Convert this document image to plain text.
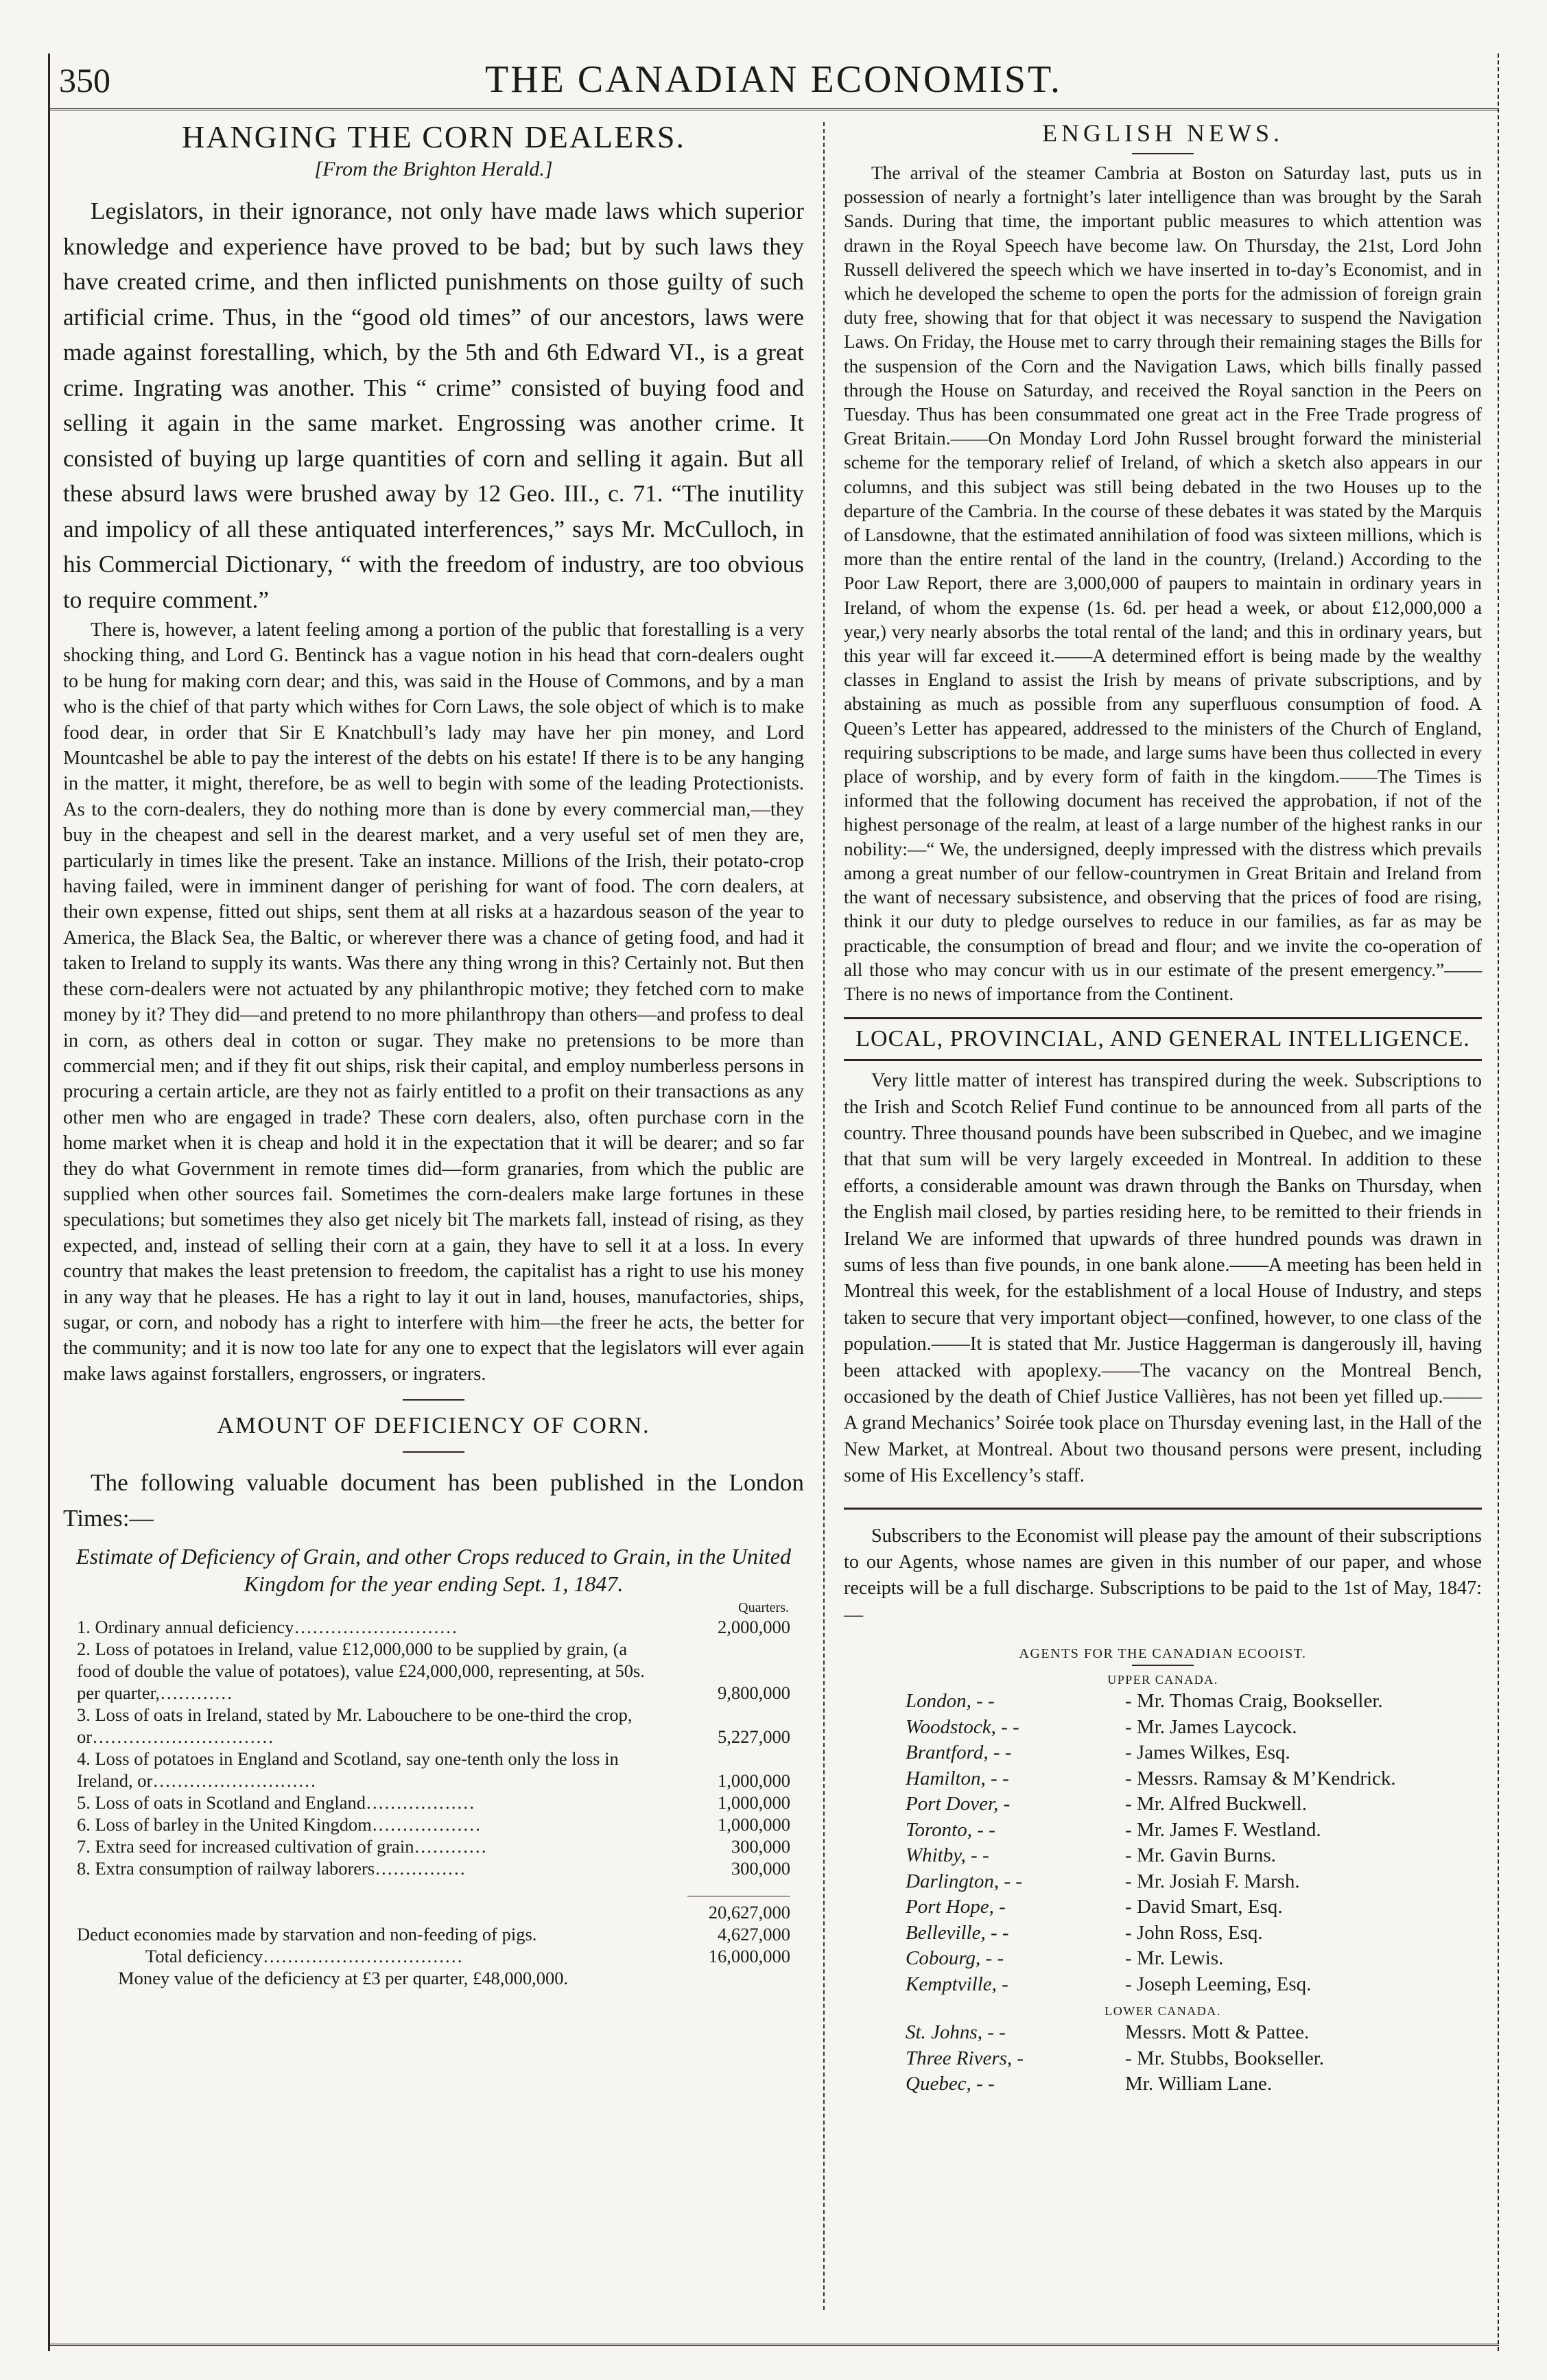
350	THE CANADIAN ECONOMIST.
HANGING THE CORN DEALERS.
[From the Brighton Herald.]

Legislators, in their ignorance, not only have made laws which superior knowledge and experience have proved to be bad; but by such laws they have created crime, and then inflicted punishments on those guilty of such artificial crime. Thus, in the “good old times” of our ancestors, laws were made against forestalling, which, by the 5th and 6th Edward VI., is a great crime. Ingrating was another. This “ crime” consisted of buying food and selling it again in the same market. Engrossing was another crime. It consisted of buying up large quantities of corn and selling it again. But all these absurd laws were brushed away by 12 Geo. III., c. 71. “The inutility and impolicy of all these antiquated interferences,” says Mr. McCulloch, in his Commercial Dictionary, “ with the freedom of industry, are too obvious to require comment.”

There is, however, a latent feeling among a portion of the public that forestalling is a very shocking thing, and Lord G. Bentinck has a vague notion in his head that corn-dealers ought to be hung for making corn dear; and this, was said in the House of Commons, and by a man who is the chief of that party which withes for Corn Laws, the sole object of which is to make food dear, in order that Sir E Knatchbull’s lady may have her pin money, and Lord Mountcashel be able to pay the interest of the debts on his estate! If there is to be any hanging in the matter, it might, therefore, be as well to begin with some of the leading Protectionists. As to the corn-dealers, they do nothing more than is done by every commercial man,—they buy in the cheapest and sell in the dearest market, and a very useful set of men they are, particularly in times like the present. Take an instance. Millions of the Irish, their potato-crop having failed, were in imminent danger of perishing for want of food. The corn dealers, at their own expense, fitted out ships, sent them at all risks at a hazardous season of the year to America, the Black Sea, the Baltic, or wherever there was a chance of geting food, and had it taken to Ireland to supply its wants. Was there any thing wrong in this? Certainly not. But then these corn-dealers were not actuated by any philanthropic motive; they fetched corn to make money by it? They did—and pretend to no more philanthropy than others—and profess to deal in corn, as others deal in cotton or sugar. They make no pretensions to be more than commercial men; and if they fit out ships, risk their capital, and employ numberless persons in procuring a certain article, are they not as fairly entitled to a profit on their transactions as any other men who are engaged in trade? These corn dealers, also, often purchase corn in the home market when it is cheap and hold it in the expectation that it will be dearer; and so far they do what Government in remote times did—form granaries, from which the public are supplied when other sources fail. Sometimes the corn-dealers make large fortunes in these speculations; but sometimes they also get nicely bit The markets fall, instead of rising, as they expected, and, instead of selling their corn at a gain, they have to sell it at a loss. In every country that makes the least pretension to freedom, the capitalist has a right to use his money in any way that he pleases. He has a right to lay it out in land, houses, manufactories, ships, sugar, or corn, and nobody has a right to interfere with him—the freer he acts, the better for the community; and it is now too late for any one to expect that the legislators will ever again make laws against forstallers, engrossers, or ingraters.

AMOUNT OF DEFICIENCY OF CORN.

The following valuable document has been published in the London Times:—

Estimate of Deficiency of Grain, and other Crops reduced to Grain, in the United Kingdom for the year ending Sept. 1, 1847.
Quarters.
1. Ordinary annual deficiency………………………	2,000,000
2. Loss of potatoes in Ireland, value £12,000,000 to be supplied by grain, (a food of double the value of potatoes), value £24,000,000, representing, at 50s. per quarter,…………	9,800,000
3. Loss of oats in Ireland, stated by Mr. Labouchere to be one-third the crop, or…………………………	5,227,000
4. Loss of potatoes in England and Scotland, say one-tenth only the loss in Ireland, or………………………	1,000,000
5. Loss of oats in Scotland and England………………	1,000,000
6. Loss of barley in the United Kingdom………………	1,000,000
7. Extra seed for increased cultivation of grain…………	300,000
8. Extra consumption of railway laborers……………	300,000

20,627,000
Deduct economies made by starvation and non-feeding of pigs.	4,627,000
Total deficiency……………………………	16,000,000
Money value of the deficiency at £3 per quarter, £48,000,000.	
ENGLISH NEWS.

The arrival of the steamer Cambria at Boston on Saturday last, puts us in possession of nearly a fortnight’s later intelligence than was brought by the Sarah Sands. During that time, the important public measures to which attention was drawn in the Royal Speech have become law. On Thursday, the 21st, Lord John Russell delivered the speech which we have inserted in to-day’s Economist, and in which he developed the scheme to open the ports for the admission of foreign grain duty free, showing that for that object it was necessary to suspend the Navigation Laws. On Friday, the House met to carry through their remaining stages the Bills for the suspension of the Corn and the Navigation Laws, which bills finally passed through the House on Saturday, and received the Royal sanction in the Peers on Tuesday. Thus has been consummated one great act in the Free Trade progress of Great Britain.——On Monday Lord John Russel brought forward the ministerial scheme for the temporary relief of Ireland, of which a sketch also appears in our columns, and this subject was still being debated in the two Houses up to the departure of the Cambria. In the course of these debates it was stated by the Marquis of Lansdowne, that the estimated annihilation of food was sixteen millions, which is more than the entire rental of the land in the country, (Ireland.) According to the Poor Law Report, there are 3,000,000 of paupers to maintain in ordinary years in Ireland, of whom the expense (1s. 6d. per head a week, or about £12,000,000 a year,) very nearly absorbs the total rental of the land; and this in ordinary years, but this year will far exceed it.——A determined effort is being made by the wealthy classes in England to assist the Irish by means of private subscriptions, and by abstaining as much as possible from any superfluous consumption of food. A Queen’s Letter has appeared, addressed to the ministers of the Church of England, requiring subscriptions to be made, and large sums have been thus collected in every place of worship, and by every form of faith in the kingdom.——The Times is informed that the following document has received the approbation, if not of the highest personage of the realm, at least of a large number of the highest ranks in our nobility:—“ We, the undersigned, deeply impressed with the distress which prevails among a great number of our fellow-countrymen in Great Britain and Ireland from the want of necessary subsistence, and observing that the prices of food are rising, think it our duty to pledge ourselves to reduce in our families, as far as may be practicable, the consumption of bread and flour; and we invite the co-operation of all those who may concur with us in our estimate of the present emergency.”——There is no news of importance from the Continent.

LOCAL, PROVINCIAL, AND GENERAL INTELLIGENCE.

Very little matter of interest has transpired during the week. Subscriptions to the Irish and Scotch Relief Fund continue to be announced from all parts of the country. Three thousand pounds have been subscribed in Quebec, and we imagine that that sum will be very largely exceeded in Montreal. In addition to these efforts, a considerable amount was drawn through the Banks on Thursday, when the English mail closed, by parties residing here, to be remitted to their friends in Ireland We are informed that upwards of three hundred pounds was drawn in sums of less than five pounds, in one bank alone.——A meeting has been held in Montreal this week, for the establishment of a local House of Industry, and steps taken to secure that very important object—confined, however, to one class of the population.——It is stated that Mr. Justice Haggerman is dangerously ill, having been attacked with apoplexy.——The vacancy on the Montreal Bench, occasioned by the death of Chief Justice Vallières, has not been yet filled up.——A grand Mechanics’ Soirée took place on Thursday evening last, in the Hall of the New Market, at Montreal. About two thousand persons were present, including some of His Excellency’s staff.

Subscribers to the Economist will please pay the amount of their subscriptions to our Agents, whose names are given in this number of our paper, and whose receipts will be a full discharge. Subscriptions to be paid to the 1st of May, 1847:—

AGENTS FOR THE CANADIAN ECOOIST.
UPPER CANADA.
London, - -	- Mr. Thomas Craig, Bookseller.
Woodstock, - -	- Mr. James Laycock.
Brantford, - -	- James Wilkes, Esq.
Hamilton, - -	- Messrs. Ramsay & M’Kendrick.
Port Dover, -	- Mr. Alfred Buckwell.
Toronto, - -	- Mr. James F. Westland.
Whitby, - -	- Mr. Gavin Burns.
Darlington, - -	- Mr. Josiah F. Marsh.
Port Hope, -	- David Smart, Esq.
Belleville, - -	- John Ross, Esq.
Cobourg, - -	- Mr. Lewis.
Kemptville, -	- Joseph Leeming, Esq.
LOWER CANADA.
St. Johns, - -	Messrs. Mott & Pattee.
Three Rivers, -	- Mr. Stubbs, Bookseller.
Quebec, - -	Mr. William Lane.
